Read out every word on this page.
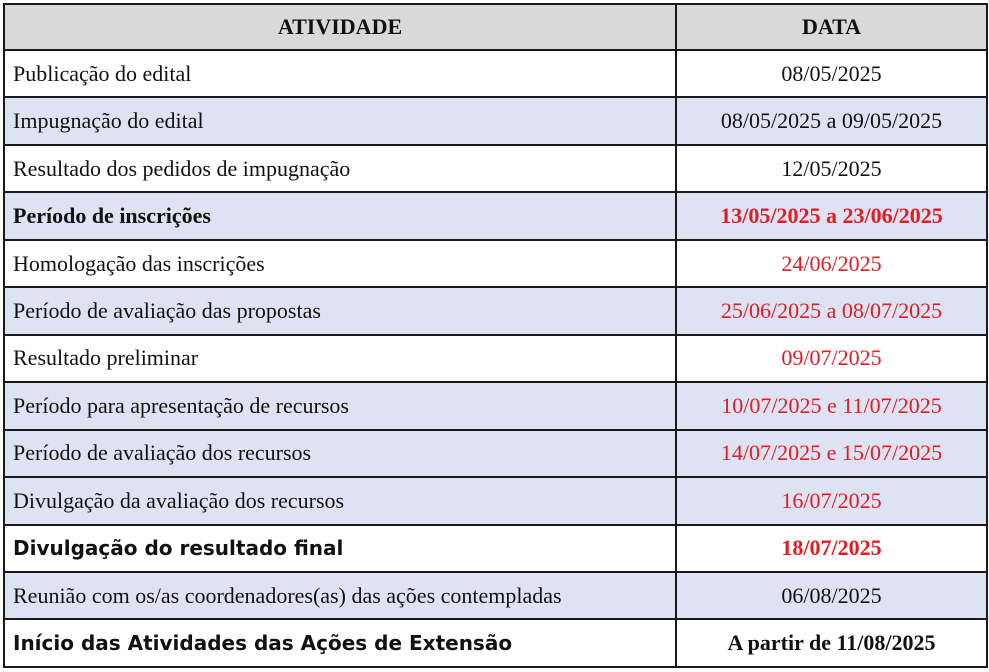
ATIVIDADE	DATA
Publicação do edital	08/05/2025
Impugnação do edital	08/05/2025 a 09/05/2025
Resultado dos pedidos de impugnação	12/05/2025
Período de inscrições	13/05/2025 a 23/06/2025
Homologação das inscrições	24/06/2025
Período de avaliação das propostas	25/06/2025 a 08/07/2025
Resultado preliminar	09/07/2025
Período para apresentação de recursos	10/07/2025 e 11/07/2025
Período de avaliação dos recursos	14/07/2025 e 15/07/2025
Divulgação da avaliação dos recursos	16/07/2025
Divulgação do resultado final	18/07/2025
Reunião com os/as coordenadores(as) das ações contempladas	06/08/2025
Início das Atividades das Ações de Extensão	A partir de 11/08/2025
